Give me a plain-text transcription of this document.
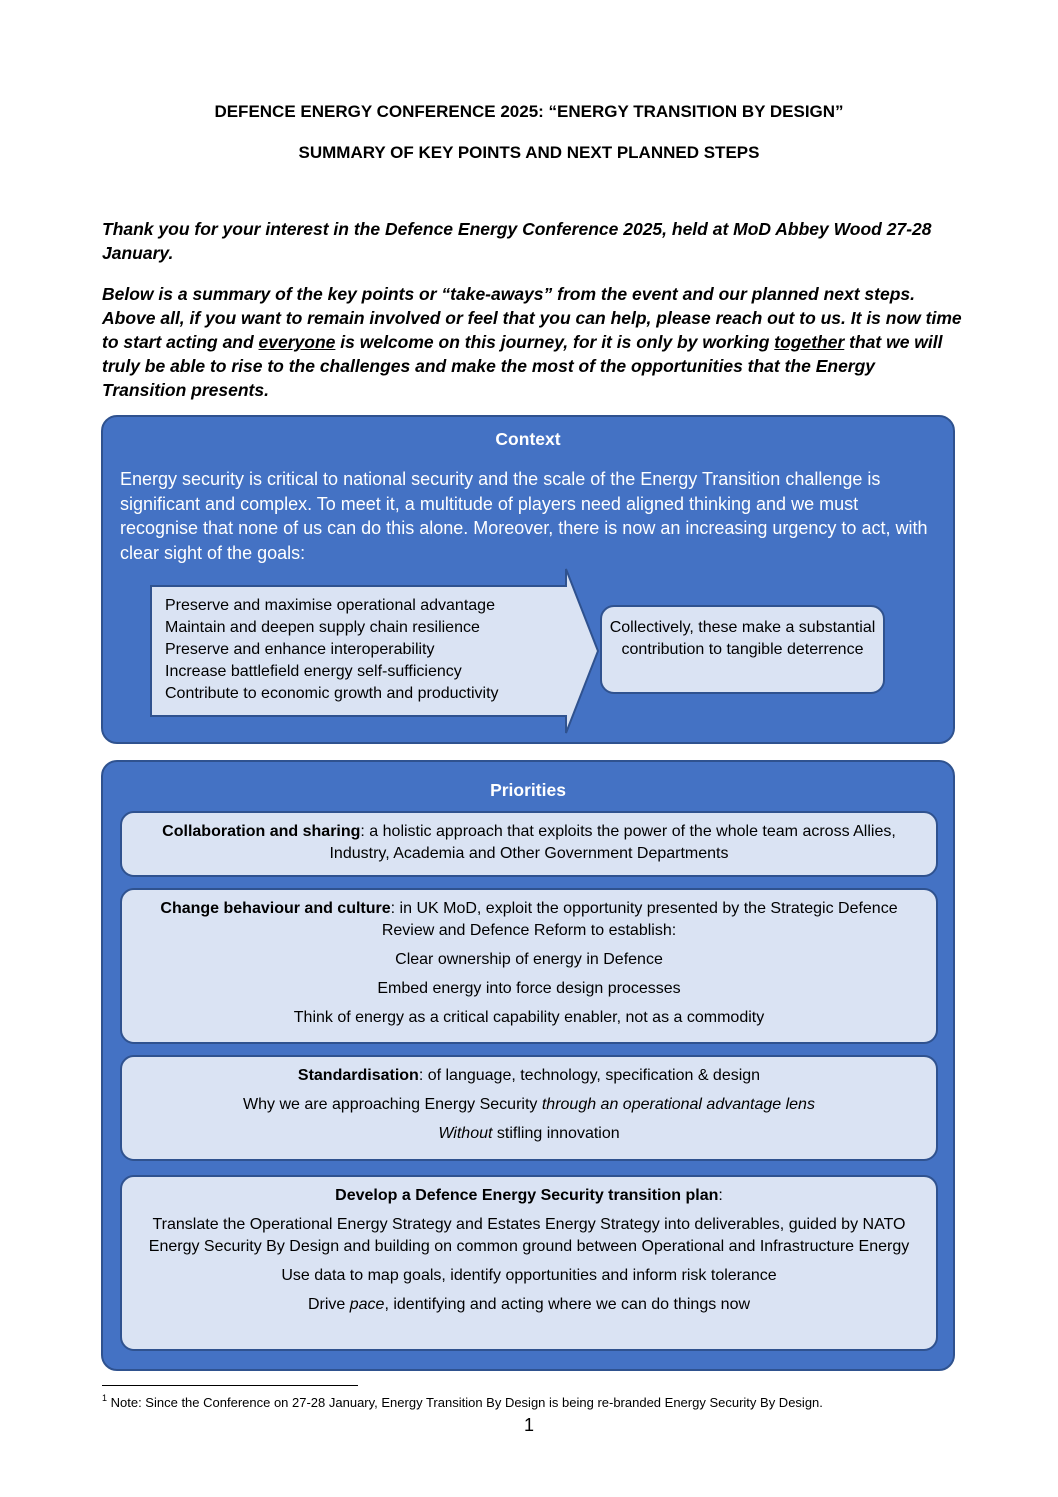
DEFENCE ENERGY CONFERENCE 2025: “ENERGY TRANSITION BY DESIGN”
SUMMARY OF KEY POINTS AND NEXT PLANNED STEPS

Thank you for your interest in the Defence Energy Conference 2025, held at MoD Abbey Wood 27-28 January.

Below is a summary of the key points or “take-aways” from the event and our planned next steps. Above all, if you want to remain involved or feel that you can help, please reach out to us. It is now time to start acting and everyone is welcome on this journey, for it is only by working together that we will truly be able to rise to the challenges and make the most of the opportunities that the Energy Transition presents.

Context

Energy security is critical to national security and the scale of the Energy Transition challenge is significant and complex. To meet it, a multitude of players need aligned thinking and we must recognise that none of us can do this alone. Moreover, there is now an increasing urgency to act, with clear sight of the goals:

Preserve and maximise operational advantage
Maintain and deepen supply chain resilience
Preserve and enhance interoperability
Increase battlefield energy self-sufficiency
Contribute to economic growth and productivity
Collectively, these make a substantial contribution to tangible deterrence
Priorities

Collaboration and sharing: a holistic approach that exploits the power of the whole team across Allies, Industry, Academia and Other Government Departments

Change behaviour and culture: in UK MoD, exploit the opportunity presented by the Strategic Defence Review and Defence Reform to establish:

Clear ownership of energy in Defence

Embed energy into force design processes

Think of energy as a critical capability enabler, not as a commodity

Standardisation: of language, technology, specification & design

Why we are approaching Energy Security through an operational advantage lens

Without stifling innovation

Develop a Defence Energy Security transition plan:

Translate the Operational Energy Strategy and Estates Energy Strategy into deliverables, guided by NATO Energy Security By Design and building on common ground between Operational and Infrastructure Energy

Use data to map goals, identify opportunities and inform risk tolerance

Drive pace, identifying and acting where we can do things now

$^1$ Note: Since the Conference on 27-28 January, Energy Transition By Design is being re-branded Energy Security By Design.
1
